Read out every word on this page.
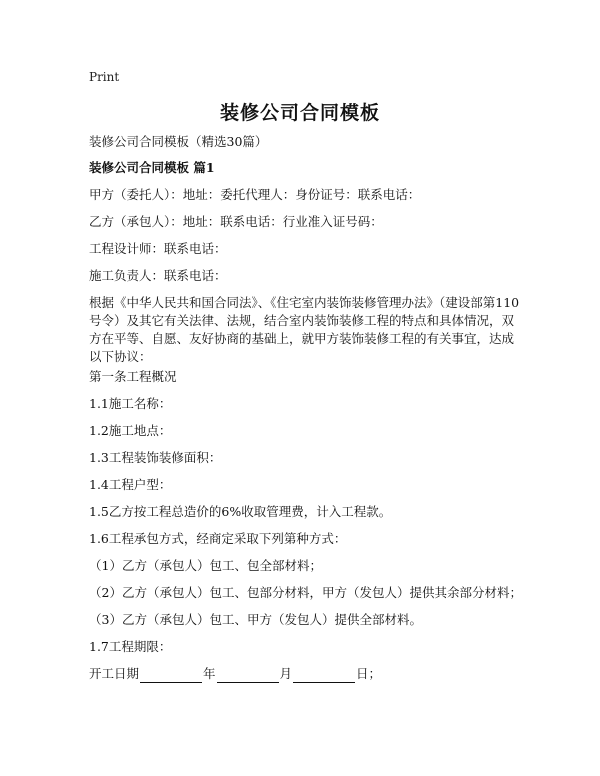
Print
装修公司合同模板
装修公司合同模板（精选30篇）
装修公司合同模板 篇1
甲方（委托人）：地址：委托代理人：身份证号：联系电话：
乙方（承包人）：地址：联系电话：行业准入证号码：
工程设计师：联系电话：
施工负责人：联系电话：
根据《中华人民共和国合同法》、《住宅室内装饰装修管理办法》（建设部第110号令）及其它有关法律、法规，结合室内装饰装修工程的特点和具体情况，双方在平等、自愿、友好协商的基础上，就甲方装饰装修工程的有关事宜，达成以下协议：
第一条工程概况
1.1施工名称：
1.2施工地点：
1.3工程装饰装修面积：
1.4工程户型：
1.5乙方按工程总造价的6%收取管理费，计入工程款。
1.6工程承包方式，经商定采取下列第种方式：
（1）乙方（承包人）包工、包全部材料；
（2）乙方（承包人）包工、包部分材料，甲方（发包人）提供其余部分材料；
（3）乙方（承包人）包工、甲方（发包人）提供全部材料。
1.7工程期限：
开工日期	年	月	日；
